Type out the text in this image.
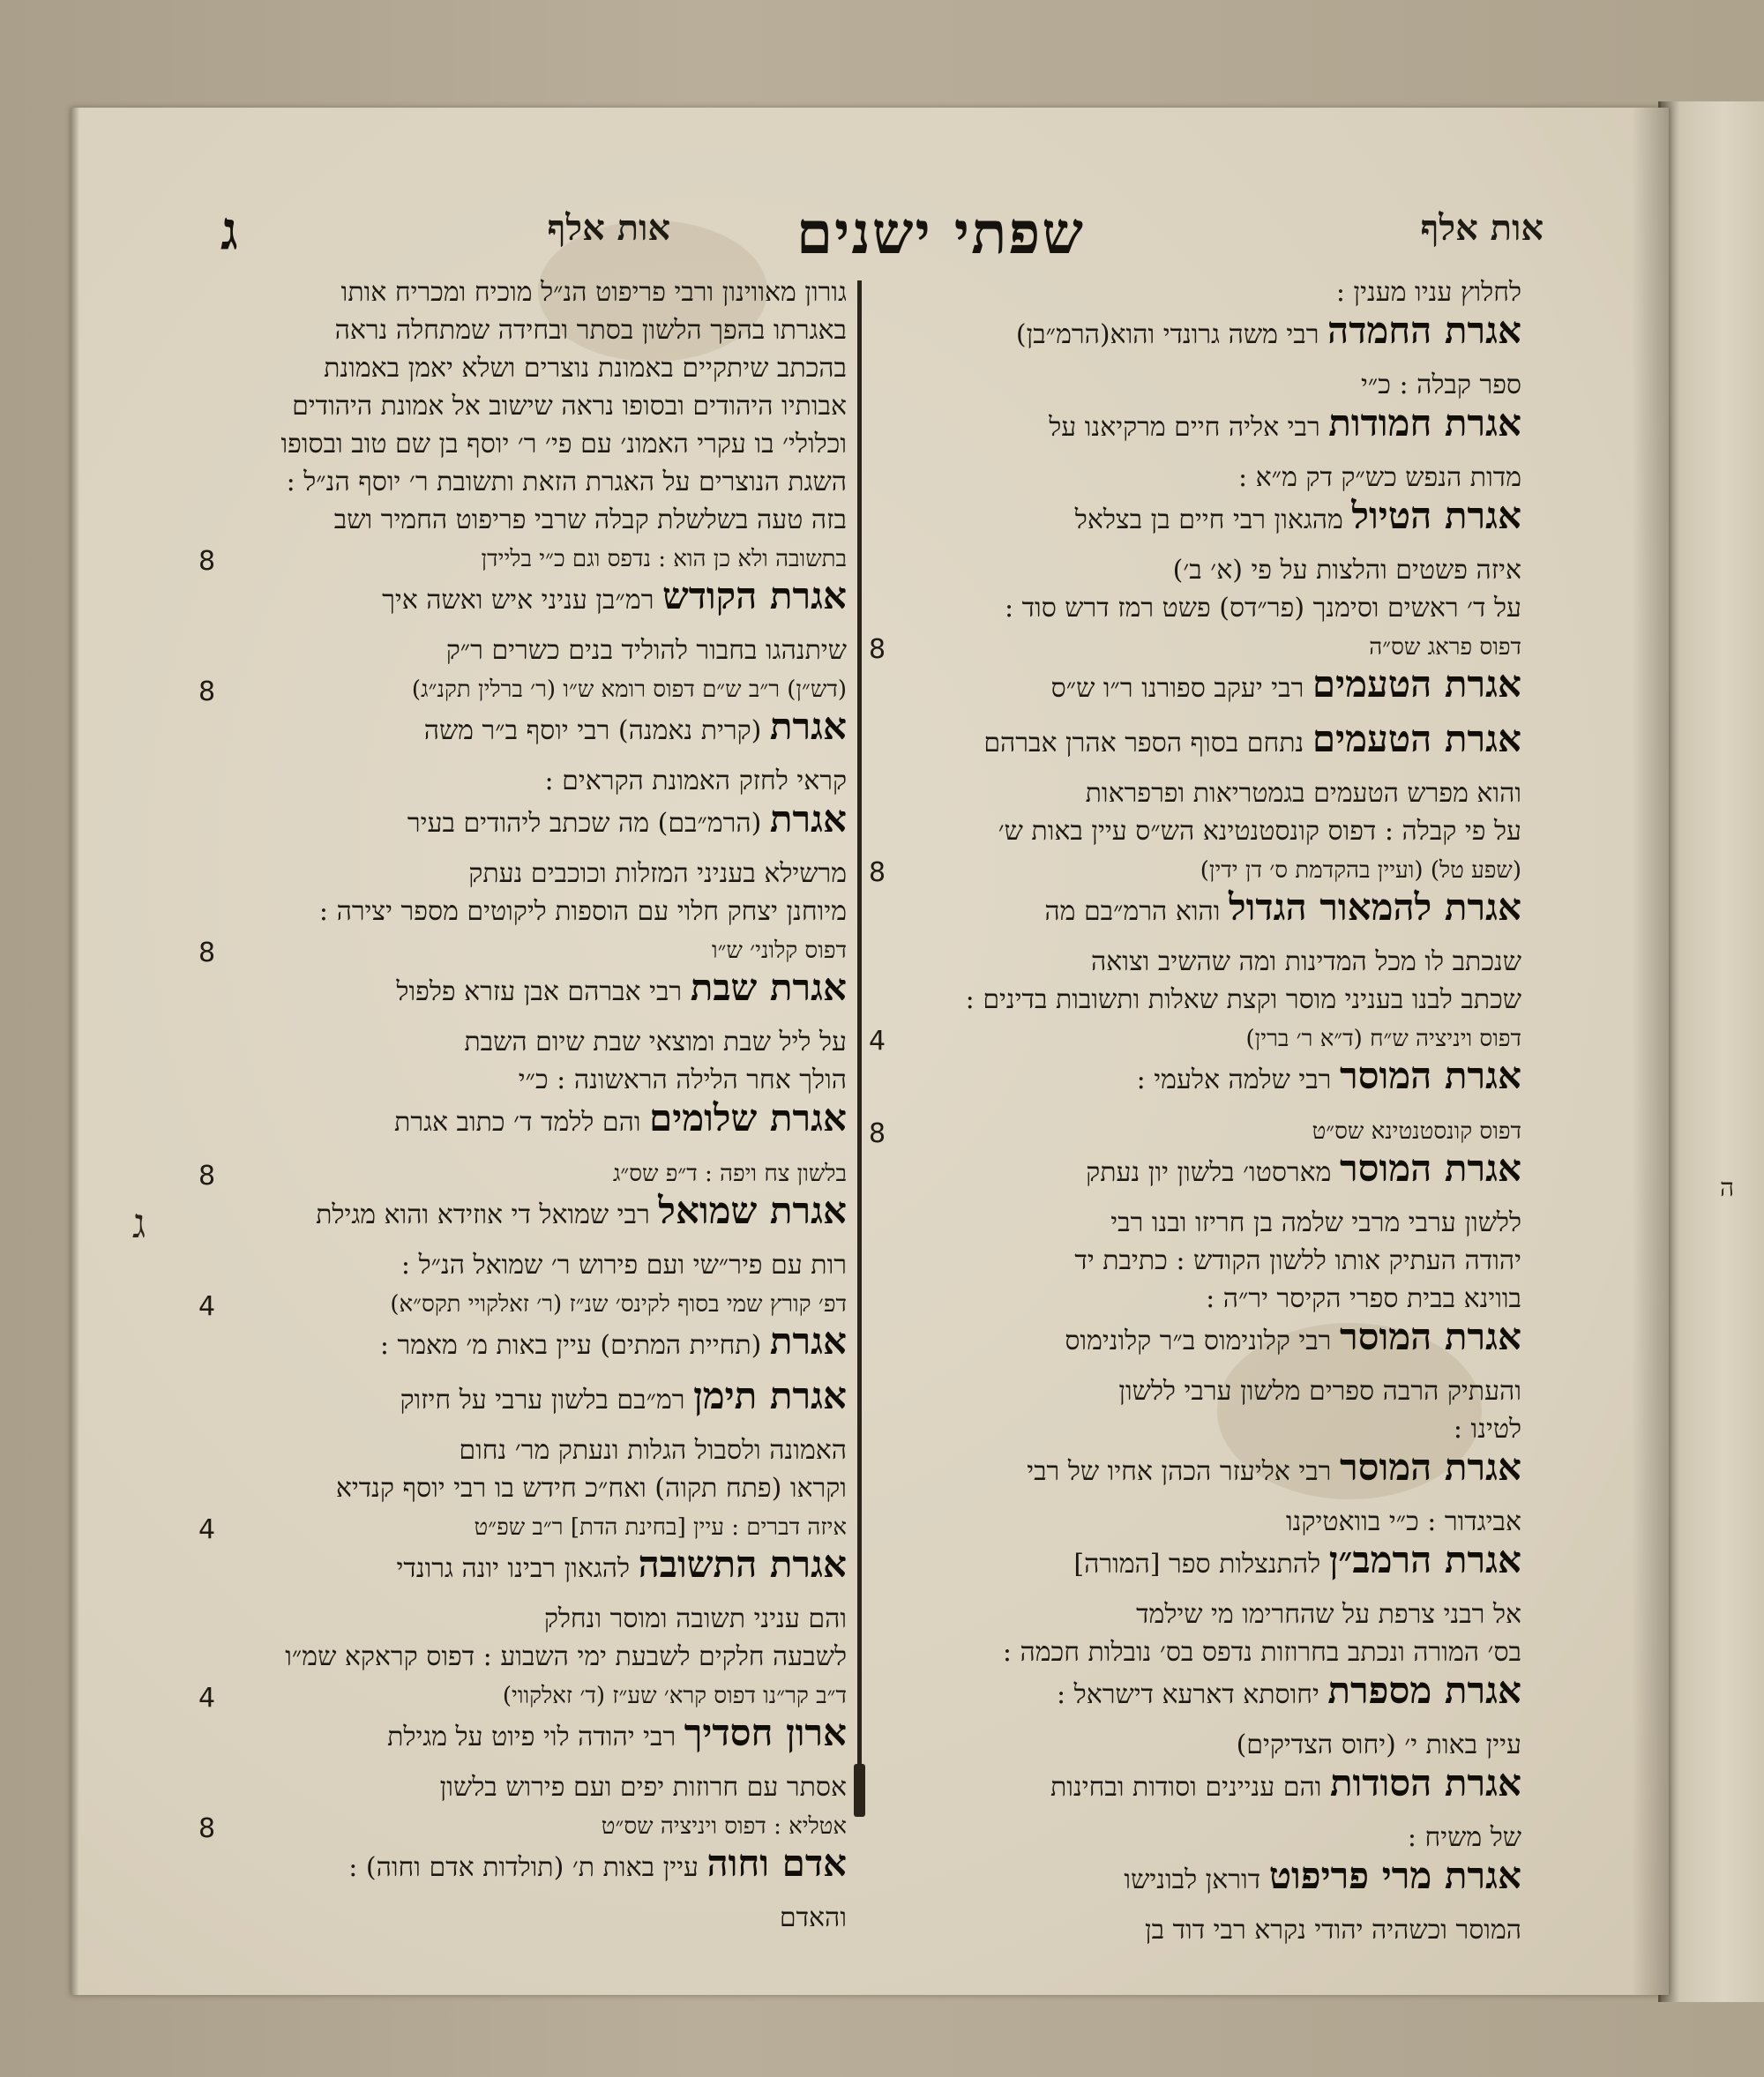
אות אלף
שפתי ישנים
אות אלף
ג
לחלוץ עניו מענין :
אגרת החמדה רבי משה גרונדי והוא(הרמ״בן)
ספר קבלה : כ״י
אגרת חמודות רבי אליה חיים מרקיאנו על
מדות הנפש כש״ק דק מ״א :
אגרת הטיול מהגאון רבי חיים בן בצלאל
איזה פשטים והלצות על פי (א׳ ב׳)
על ד׳ ראשים וסימנך (פר״דס) פשט רמז דרש סוד :
דפוס פראג שס״ה
8
אגרת הטעמים רבי יעקב ספורנו ר״ו ש״ס
אגרת הטעמים נתחם בסוף הספר אהרן אברהם
והוא מפרש הטעמים בגמטריאות ופרפראות
על פי קבלה : דפוס קונסטנטינא הש״ס עיין באות ש׳
(שפע טל) (ועיין בהקדמת ס׳ דן ידין)
8
אגרת להמאור הגדול והוא הרמ״בם מה
שנכתב לו מכל המדינות ומה שהשיב וצואה
שכתב לבנו בעניני מוסר וקצת שאלות ותשובות בדינים :
דפוס ויניציה ש״ח (ד״א ר׳ ברין)
4
אגרת המוסר רבי שלמה אלעמי :
דפוס קונסטנטינא שס״ט
8
אגרת המוסר מארסטו׳ בלשון יון נעתק
ללשון ערבי מרבי שלמה בן חריזו ובנו רבי
יהודה העתיק אותו ללשון הקודש : כתיבת יד
בווינא בבית ספרי הקיסר יר״ה :
אגרת המוסר רבי קלונימוס ב״ר קלונימוס
והעתיק הרבה ספרים מלשון ערבי ללשון
לטינו :
אגרת המוסר רבי אליעזר הכהן אחיו של רבי
אביגדור : כ״י בוואטיקנו
אגרת הרמב״ן להתנצלות ספר [המורה]
אל רבני צרפת על שהחרימו מי שילמד
בס׳ המורה ונכתב בחרוזות נדפס בס׳ נובלות חכמה :
אגרת מספרת יחוסתא דארעא דישראל :
עיין באות י׳ (יחוס הצדיקים)
אגרת הסודות והם עניינים וסודות ובחינות
של משיח :
אגרת מרי פריפוט דוראן לבונישו
המוסר וכשהיה יהודי נקרא רבי דוד בן
גורון מאווינון ורבי פריפוט הנ״ל מוכיח ומכריח אותו
באגרתו בהפך הלשון בסתר ובחידה שמתחלה נראה
בהכתב שיתקיים באמונת נוצרים ושלא יאמן באמונת
אבותיו היהודים ובסופו נראה שישוב אל אמונת היהודים
וכלולי׳ בו עקרי האמונ׳ עם פי׳ ר׳ יוסף בן שם טוב ובסופו
השגת הנוצרים על האגרת הזאת ותשובת ר׳ יוסף הנ״ל :
בזה טעה בשלשלת קבלה שרבי פריפוט החמיר ושב
בתשובה ולא כן הוא : נדפס וגם כ״י בליידן
8
אגרת הקודש רמ״בן עניני איש ואשה איך
שיתנהגו בחבור להוליד בנים כשרים ר״ק
(דש״ן) ר״ב ש״ם דפוס רומא ש״ו (ר׳ ברלין תקנ״ג)
8
אגרת (קרית נאמנה) רבי יוסף ב״ר משה
קראי לחזק האמונת הקראים :
אגרת (הרמ״בם) מה שכתב ליהודים בעיר
מרשילא בעניני המזלות וכוכבים נעתק
מיוחנן יצחק חלוי עם הוספות ליקוטים מספר יצירה :
דפוס קלוני׳ ש״ו
8
אגרת שבת רבי אברהם אבן עזרא פלפול
על ליל שבת ומוצאי שבת שיום השבת
הולך אחר הלילה הראשונה : כ״י
אגרת שלומים והם ללמד ד׳ כתוב אגרת
בלשון צח ויפה : ד״פ שס״ג
8
אגרת שמואל רבי שמואל די אוזידא והוא מגילת
רות עם פיר״שי ועם פירוש ר׳ שמואל הנ״ל :
דפ׳ קורץ שמי בסוף לקינס׳ שנ״ז (ר׳ זאלקויי תקס״א)
4
אגרת (תחיית המתים) עיין באות מ׳ מאמר :
אגרת תימן רמ״בם בלשון ערבי על חיזוק
האמונה ולסבול הגלות ונעתק מר׳ נחום
וקראו (פתח תקוה) ואח״כ חידש בו רבי יוסף קנדיא
איזה דברים : עיין [בחינת הדת] ר״ב שפ״ט
4
אגרת התשובה להגאון רבינו יונה גרונדי
והם עניני תשובה ומוסר ונחלק
לשבעה חלקים לשבעת ימי השבוע : דפוס קראקא שמ״ו
ד״ב קר״נו דפוס קרא׳ שע״ז (ד׳ זאלקווי)
4
ארון חסדיך רבי יהודה לוי פיוט על מגילת
אסתר עם חרוזות יפים ועם פירוש בלשון
אטליא : דפוס ויניציה שס״ט
8
אדם וחוה עיין באות ת׳ (תולדות אדם וחוה) :
והאדם
ג
ה
